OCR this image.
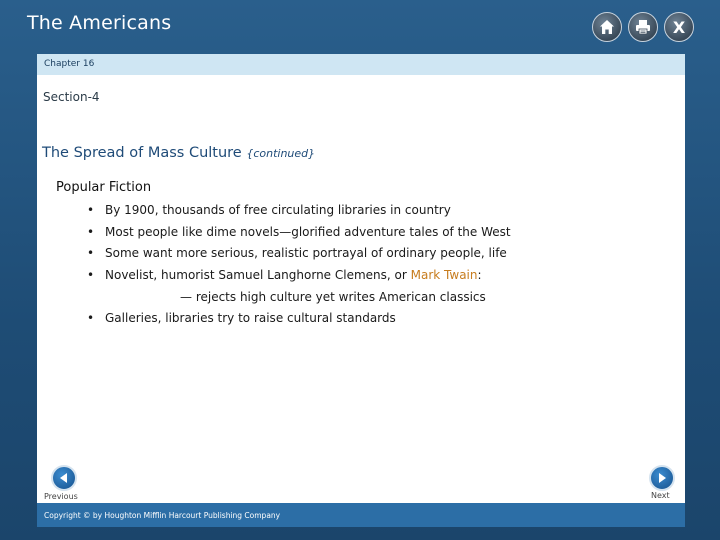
The Americans	X
Chapter 16
Section-4
The Spread of Mass Culture {continued}
Popular Fiction
• By 1900, thousands of free circulating libraries in country
• Most people like dime novels—glorified adventure tales of the West
• Some want more serious, realistic portrayal of ordinary people, life
• Novelist, humorist Samuel Langhorne Clemens, or Mark Twain:
— rejects high culture yet writes American classics
• Galleries, libraries try to raise cultural standards
Previous	Next
Copyright © by Houghton Mifflin Harcourt Publishing Company
